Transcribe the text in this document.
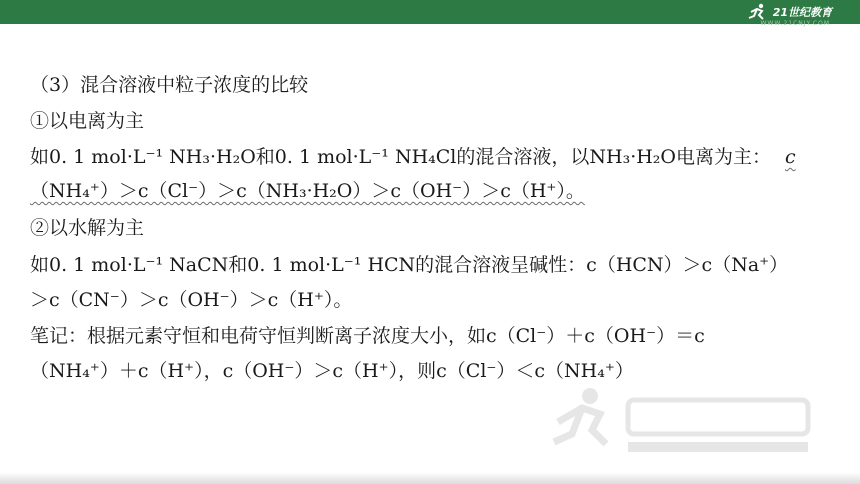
21世纪教育
WWW.21CNJY.COM
（3）混合溶液中粒子浓度的比较
①以电离为主
如0. 1 mol·L⁻¹ NH₃·H₂O和0. 1 mol·L⁻¹ NH₄Cl的混合溶液，以NH₃·H₂O电离为主： c
（NH₄⁺）＞c（Cl⁻）＞c（NH₃·H₂O）＞c（OH⁻）＞c（H⁺）。
②以水解为主
如0. 1 mol·L⁻¹ NaCN和0. 1 mol·L⁻¹ HCN的混合溶液呈碱性：c（HCN）＞c（Na⁺）
＞c（CN⁻）＞c（OH⁻）＞c（H⁺）。
笔记：根据元素守恒和电荷守恒判断离子浓度大小，如c（Cl⁻）＋c（OH⁻）＝c
（NH₄⁺）＋c（H⁺），c（OH⁻）＞c（H⁺），则c（Cl⁻）＜c（NH₄⁺）
